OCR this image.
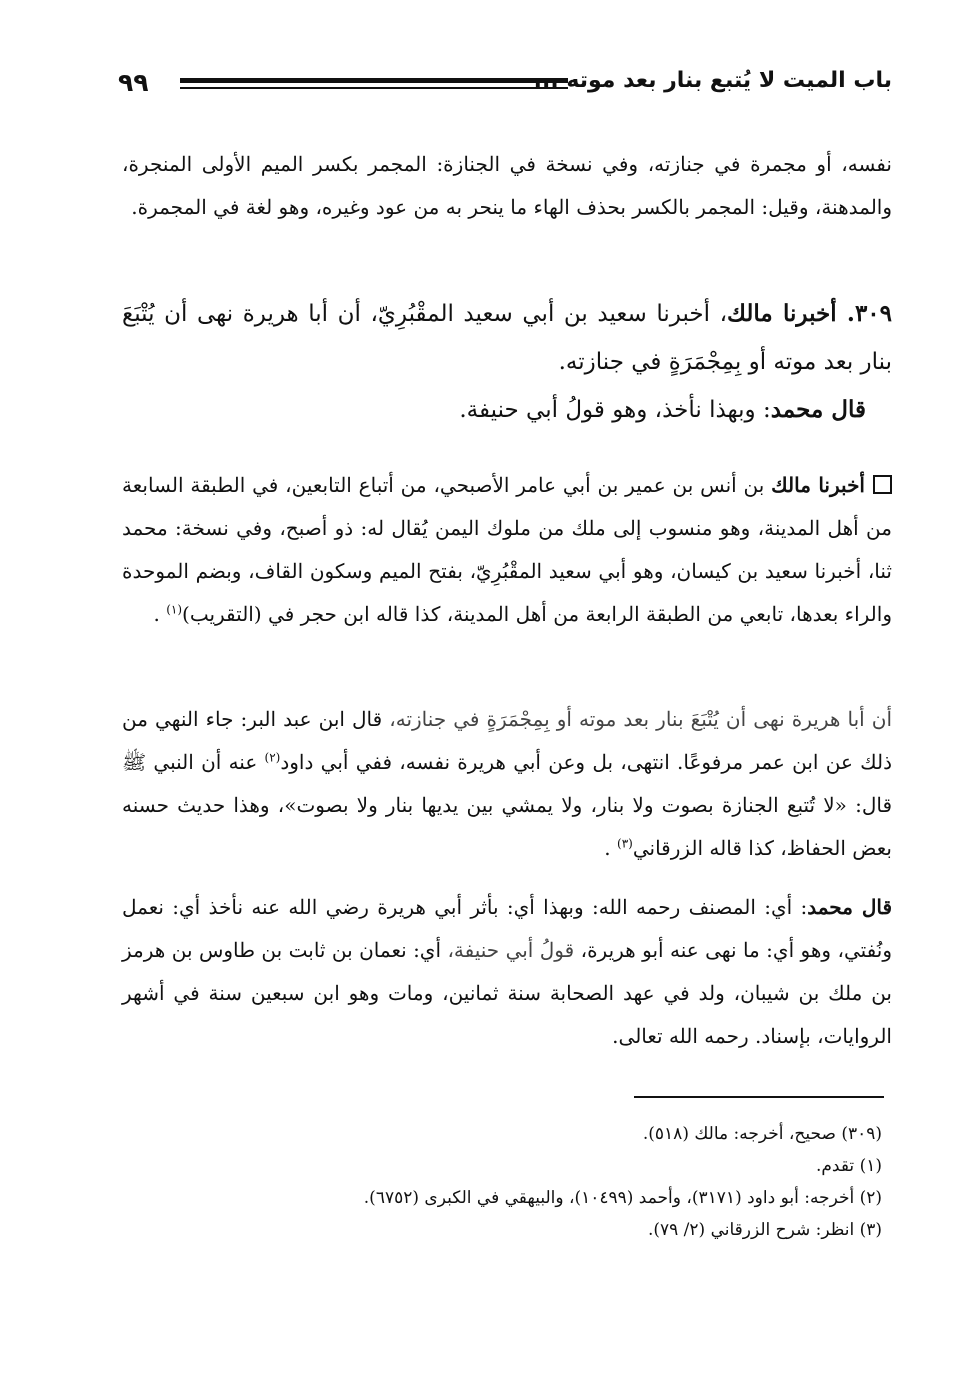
٩٩	باب الميت لا يُتبع بنار بعد موته ...
نفسه، أو مجمرة في جنازته، وفي نسخة في الجنازة: المجمر بكسر الميم الأولى المنجرة، والمدهنة، وقيل: المجمر بالكسر بحذف الهاء ما ينحر به من عود وغيره، وهو لغة في المجمرة.
٣٠٩. أخبرنا مالك، أخبرنا سعيد بن أبي سعيد المقْبُرِيّ، أن أبا هريرة نهى أن يُتْبَعَ بنار بعد موته أو بِمِجْمَرَةٍ في جنازته.
قال محمد: وبهذا نأخذ، وهو قولُ أبي حنيفة.
أخبرنا مالك بن أنس بن عمير بن أبي عامر الأصبحي، من أتباع التابعين، في الطبقة السابعة من أهل المدينة، وهو منسوب إلى ملك من ملوك اليمن يُقال له: ذو أصبح، وفي نسخة: محمد ثنا، أخبرنا سعيد بن كيسان، وهو أبي سعيد المقْبُرِيّ، بفتح الميم وسكون القاف، وبضم الموحدة والراء بعدها، تابعي من الطبقة الرابعة من أهل المدينة، كذا قاله ابن حجر في (التقريب)$^{(١)}$ .
أن أبا هريرة نهى أن يُتْبَعَ بنار بعد موته أو بِمِجْمَرَةٍ في جنازته، قال ابن عبد البر: جاء النهي من ذلك عن ابن عمر مرفوعًا. انتهى، بل وعن أبي هريرة نفسه، ففي أبي داود$^{(٢)}$ عنه أن النبي ﷺ قال: «لا تُتبع الجنازة بصوت ولا بنار، ولا يمشي بين يديها بنار ولا بصوت»، وهذا حديث حسنه بعض الحفاظ، كذا قاله الزرقاني$^{(٣)}$ .
قال محمد: أي: المصنف رحمه الله: وبهذا أي: بأثر أبي هريرة رضي الله عنه نأخذ أي: نعمل ونُفتي، وهو أي: ما نهى عنه أبو هريرة، قولُ أبي حنيفة، أي: نعمان بن ثابت بن طاوس بن هرمز بن ملك بن شيبان، ولد في عهد الصحابة سنة ثمانين، ومات وهو ابن سبعين سنة في أشهر الروايات، بإسناد. رحمه الله تعالى.
(٣٠٩) صحيح، أخرجه: مالك (٥١٨).
(١) تقدم.
(٢) أخرجه: أبو داود (٣١٧١)، وأحمد (١٠٤٩٩)، والبيهقي في الكبرى (٦٧٥٢).
(٣) انظر: شرح الزرقاني (٢/ ٧٩).
